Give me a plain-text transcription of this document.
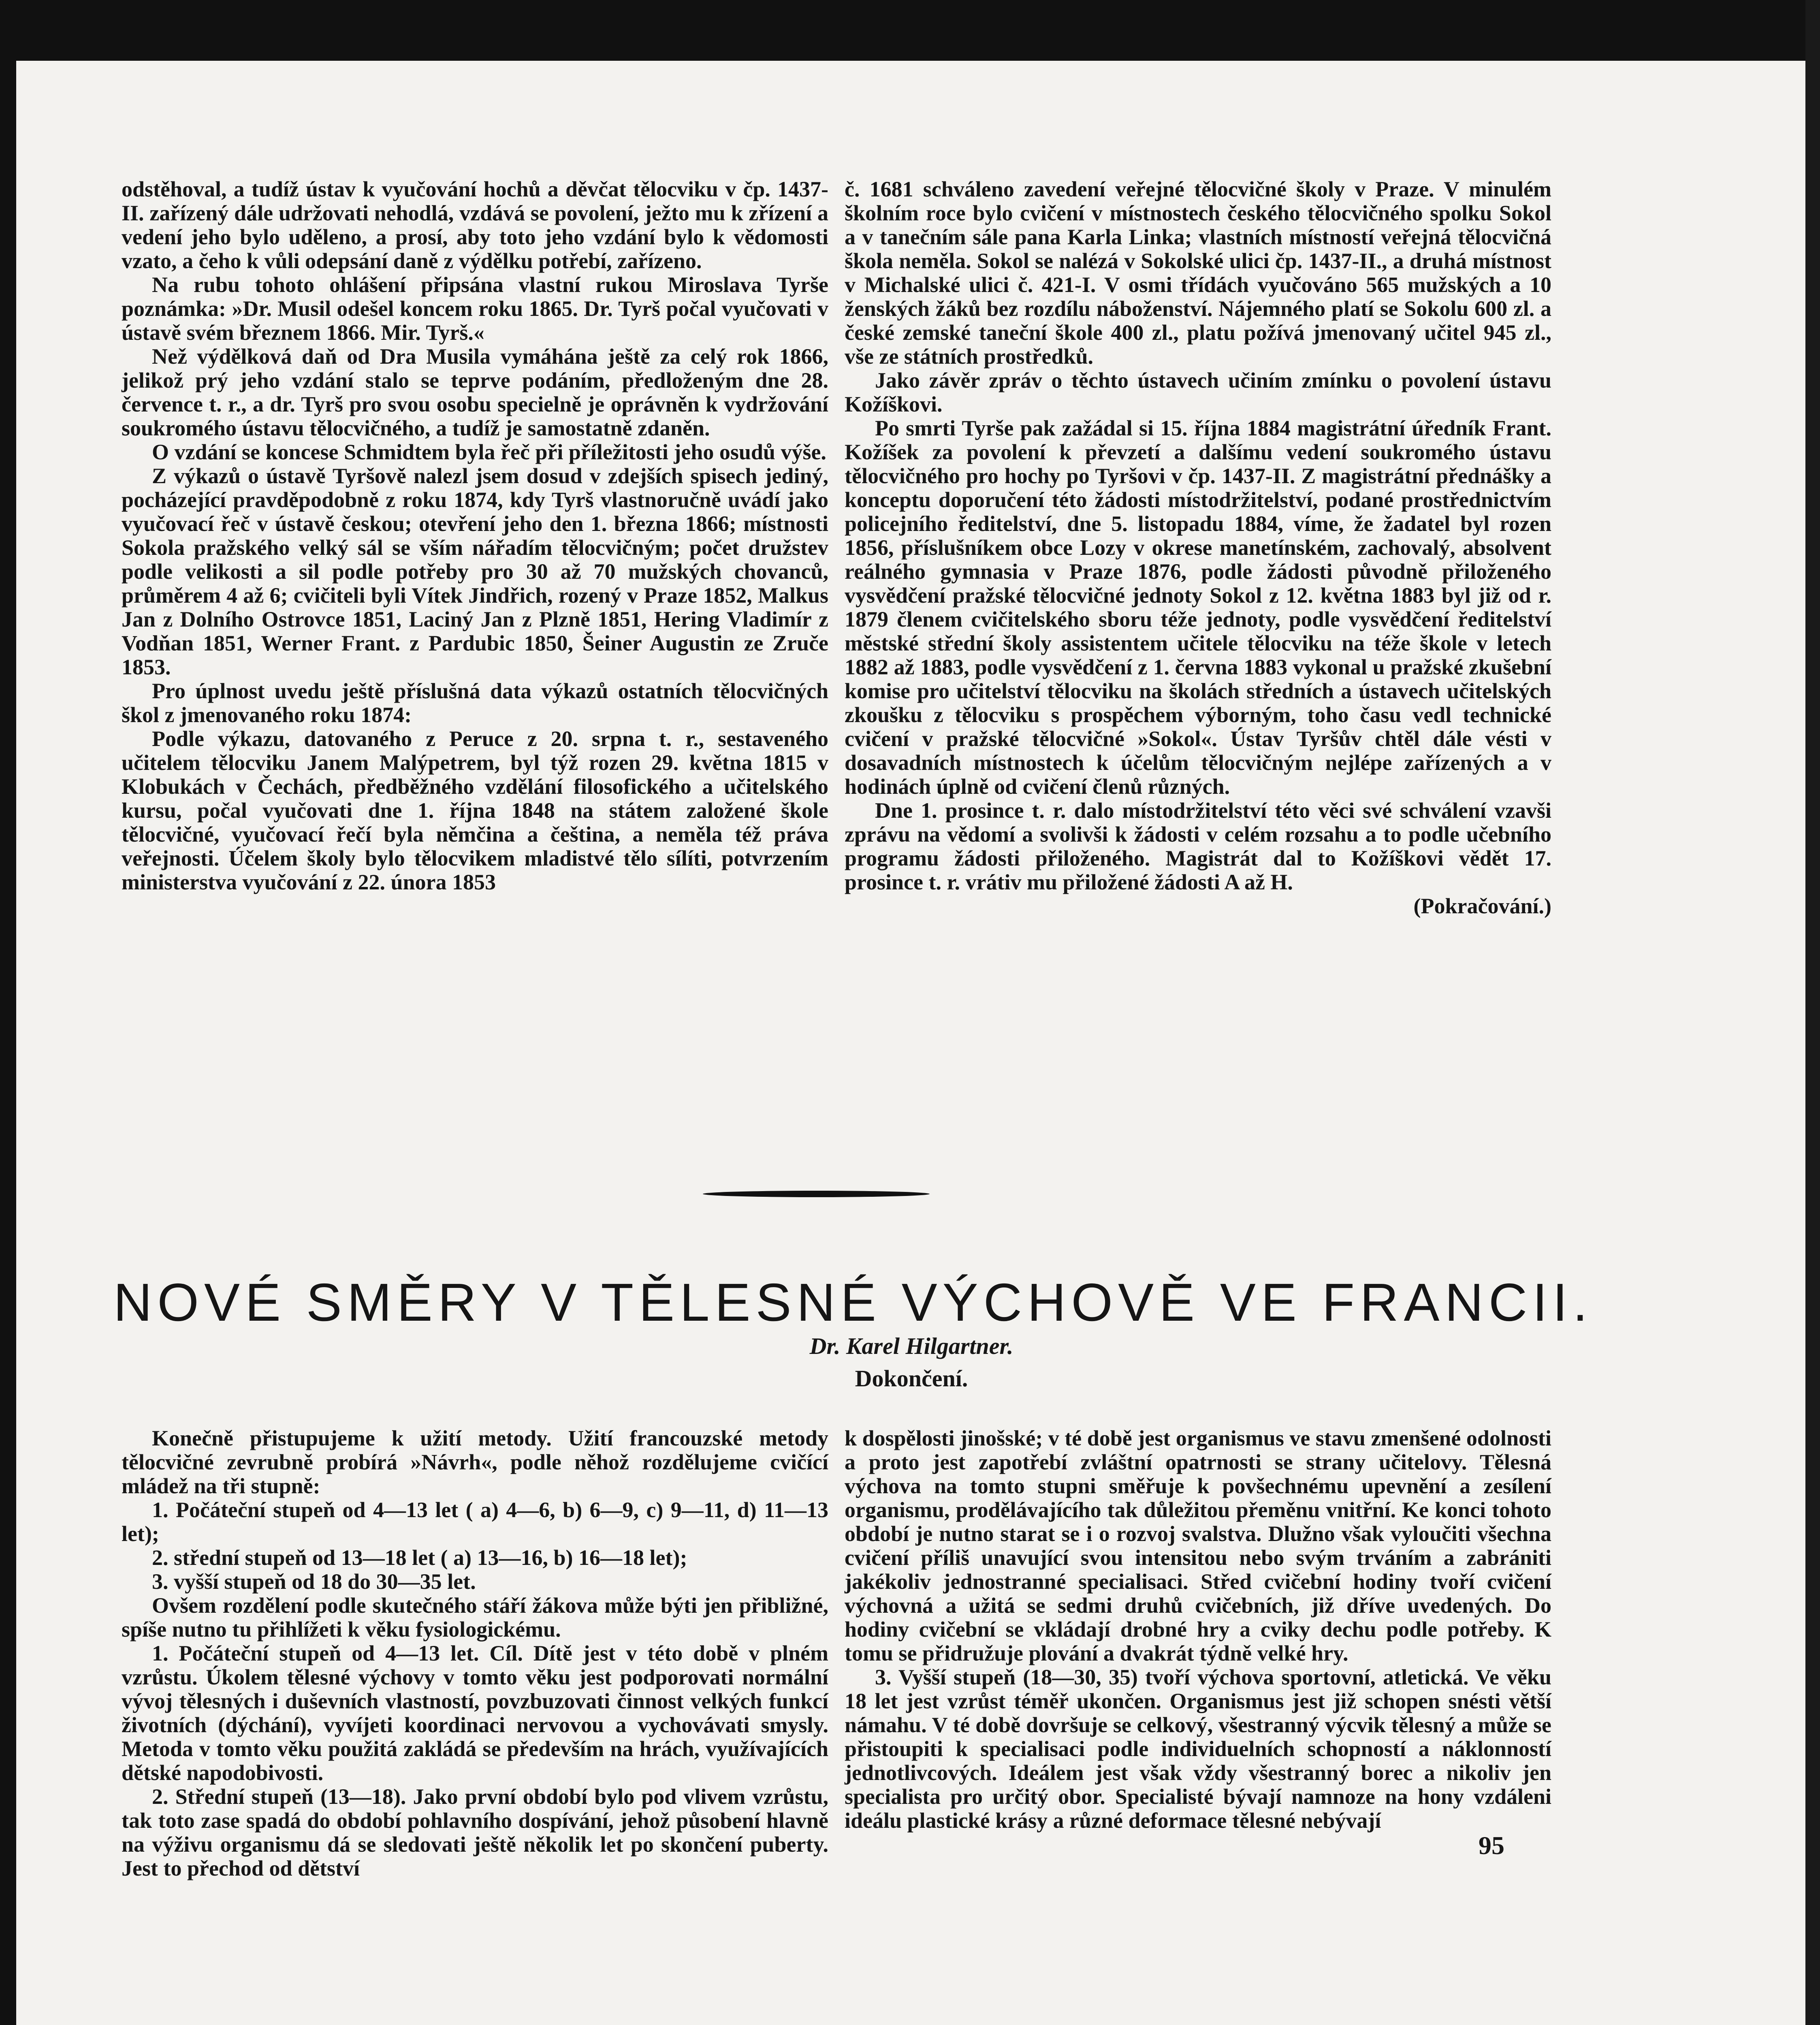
odstěhoval, a tudíž ústav k vyučování hochů a děvčat tělocviku v čp. 1437-II. zařízený dále udržovati nehodlá, vzdává se povolení, ježto mu k zřízení a vedení jeho bylo uděleno, a prosí, aby toto jeho vzdání bylo k vědomosti vzato, a čeho k vůli odepsání daně z výdělku potřebí, zařízeno.

Na rubu tohoto ohlášení připsána vlastní rukou Miroslava Tyrše poznámka: »Dr. Musil odešel koncem roku 1865. Dr. Tyrš počal vyučovati v ústavě svém březnem 1866. Mir. Tyrš.«

Než výdělková daň od Dra Musila vymáhána ještě za celý rok 1866, jelikož prý jeho vzdání stalo se teprve podáním, předloženým dne 28. července t. r., a dr. Tyrš pro svou osobu specielně je oprávněn k vydržování soukromého ústavu tělocvičného, a tudíž je samostatně zdaněn.

O vzdání se koncese Schmidtem byla řeč při příležitosti jeho osudů výše.

Z výkazů o ústavě Tyršově nalezl jsem dosud v zdejších spisech jediný, pocházející pravděpodobně z roku 1874, kdy Tyrš vlastnoručně uvádí jako vyučovací řeč v ústavě českou; otevření jeho den 1. března 1866; místnosti Sokola pražského velký sál se vším nářadím tělocvičným; počet družstev podle velikosti a sil podle potřeby pro 30 až 70 mužských chovanců, průměrem 4 až 6; cvičiteli byli Vítek Jindřich, rozený v Praze 1852, Malkus Jan z Dolního Ostrovce 1851, Laciný Jan z Plzně 1851, Hering Vladimír z Vodňan 1851, Werner Frant. z Pardubic 1850, Šeiner Augustin ze Zruče 1853.

Pro úplnost uvedu ještě příslušná data výkazů ostatních tělocvičných škol z jmenovaného roku 1874:

Podle výkazu, datovaného z Peruce z 20. srpna t. r., sestaveného učitelem tělocviku Janem Malýpetrem, byl týž rozen 29. května 1815 v Klobukách v Čechách, předběžného vzdělání filosofického a učitelského kursu, počal vyučovati dne 1. října 1848 na státem založené škole tělocvičné, vyučovací řečí byla němčina a čeština, a neměla též práva veřejnosti. Účelem školy bylo tělocvikem mladistvé tělo sílíti, potvrzením ministerstva vyučování z 22. února 1853

č. 1681 schváleno zavedení veřejné tělocvičné školy v Praze. V minulém školním roce bylo cvičení v místnostech českého tělocvičného spolku Sokol a v tanečním sále pana Karla Linka; vlastních místností veřejná tělocvičná škola neměla. Sokol se nalézá v Sokolské ulici čp. 1437-II., a druhá místnost v Michalské ulici č. 421-I. V osmi třídách vyučováno 565 mužských a 10 ženských žáků bez rozdílu náboženství. Nájemného platí se Sokolu 600 zl. a české zemské taneční škole 400 zl., platu požívá jmenovaný učitel 945 zl., vše ze státních prostředků.

Jako závěr zpráv o těchto ústavech učiním zmínku o povolení ústavu Kožíškovi.

Po smrti Tyrše pak zažádal si 15. října 1884 magistrátní úředník Frant. Kožíšek za povolení k převzetí a dalšímu vedení soukromého ústavu tělocvičného pro hochy po Tyršovi v čp. 1437-II. Z magistrátní přednášky a konceptu doporučení této žádosti místodržitelství, podané prostřednictvím policejního ředitelství, dne 5. listopadu 1884, víme, že žadatel byl rozen 1856, příslušníkem obce Lozy v okrese manetínském, zachovalý, absolvent reálného gymnasia v Praze 1876, podle žádosti původně přiloženého vysvědčení pražské tělocvičné jednoty Sokol z 12. května 1883 byl již od r. 1879 členem cvičitelského sboru téže jednoty, podle vysvědčení ředitelství městské střední školy assistentem učitele tělocviku na téže škole v letech 1882 až 1883, podle vysvědčení z 1. června 1883 vykonal u pražské zkušební komise pro učitelství tělocviku na školách středních a ústavech učitelských zkoušku z tělocviku s prospěchem výborným, toho času vedl technické cvičení v pražské tělocvičné »Sokol«. Ústav Tyršův chtěl dále vésti v dosavadních místnostech k účelům tělocvičným nejlépe zařízených a v hodinách úplně od cvičení členů různých.

Dne 1. prosince t. r. dalo místodržitelství této věci své schválení vzavši zprávu na vědomí a svolivši k žádosti v celém rozsahu a to podle učebního programu žádosti přiloženého. Magistrát dal to Kožíškovi vědět 17. prosince t. r. vrátiv mu přiložené žádosti A až H.

(Pokračování.)
NOVÉ SMĚRY V TĚLESNÉ VÝCHOVĚ VE FRANCII.
Dr. Karel Hilgartner.
Dokončení.

Konečně přistupujeme k užití metody. Užití francouzské metody tělocvičné zevrubně probírá »Návrh«, podle něhož rozdělujeme cvičící mládež na tři stupně:

1. Počáteční stupeň od 4—13 let ( a) 4—6, b) 6—9, c) 9—11, d) 11—13 let);

2. střední stupeň od 13—18 let ( a) 13—16, b) 16—18 let);

3. vyšší stupeň od 18 do 30—35 let.

Ovšem rozdělení podle skutečného stáří žákova může býti jen přibližné, spíše nutno tu přihlížeti k věku fysiologickému.

1. Počáteční stupeň od 4—13 let. Cíl. Dítě jest v této době v plném vzrůstu. Úkolem tělesné výchovy v tomto věku jest podporovati normální vývoj tělesných i duševních vlastností, povzbuzovati činnost velkých funkcí životních (dýchání), vyvíjeti koordinaci nervovou a vychovávati smysly. Metoda v tomto věku použitá zakládá se především na hrách, využívajících dětské napodobivosti.

2. Střední stupeň (13—18). Jako první období bylo pod vlivem vzrůstu, tak toto zase spadá do období pohlavního dospívání, jehož působení hlavně na výživu organismu dá se sledovati ještě několik let po skončení puberty. Jest to přechod od dětství

k dospělosti jinošské; v té době jest organismus ve stavu zmenšené odolnosti a proto jest zapotřebí zvláštní opatrnosti se strany učitelovy. Tělesná výchova na tomto stupni směřuje k povšechnému upevnění a zesílení organismu, prodělávajícího tak důležitou přeměnu vnitřní. Ke konci tohoto období je nutno starat se i o rozvoj svalstva. Dlužno však vyloučiti všechna cvičení příliš unavující svou intensitou nebo svým trváním a zabrániti jakékoliv jednostranné specialisaci. Střed cvičební hodiny tvoří cvičení výchovná a užitá se sedmi druhů cvičebních, již dříve uvedených. Do hodiny cvičební se vkládají drobné hry a cviky dechu podle potřeby. K tomu se přidružuje plování a dvakrát týdně velké hry.

3. Vyšší stupeň (18—30, 35) tvoří výchova sportovní, atletická. Ve věku 18 let jest vzrůst téměř ukončen. Organismus jest již schopen snésti větší námahu. V té době dovršuje se celkový, všestranný výcvik tělesný a může se přistoupiti k specialisaci podle individuelních schopností a náklonností jednotlivcových. Ideálem jest však vždy všestranný borec a nikoliv jen specialista pro určitý obor. Specialisté bývají namnoze na hony vzdáleni ideálu plastické krásy a různé deformace tělesné nebývají

95
